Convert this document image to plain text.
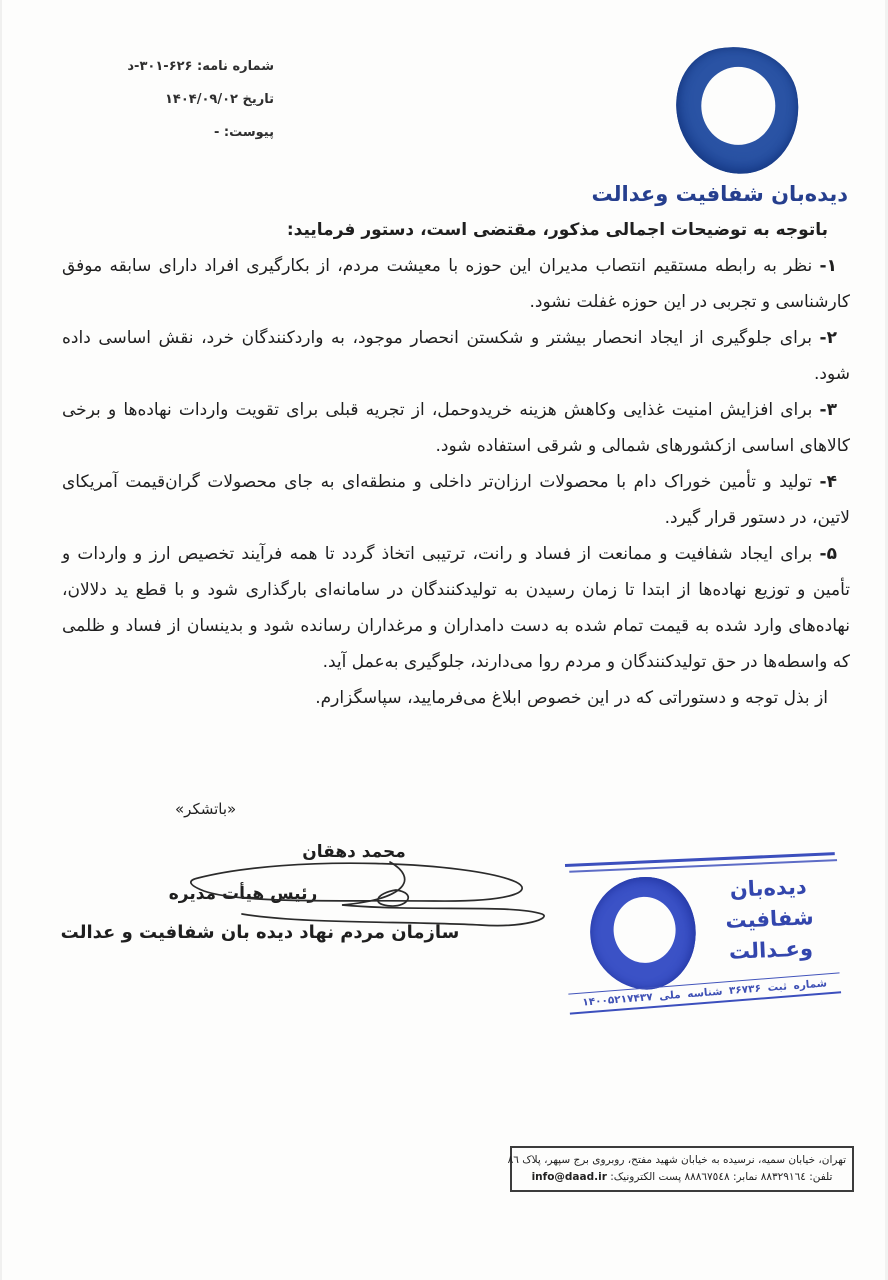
شماره نامه: ۶۲۶-۳۰۱-د
تاریخ ۱۴۰۴/۰۹/۰۲
پیوست: -
دیده‌بان شفافیت وعدالت

باتوجه به توضیحات اجمالی مذکور، مقتضی است، دستور فرمایید:

۱- نظر به رابطه مستقیم انتصاب مدیران این حوزه با معیشت مردم، از بکارگیری افراد دارای سابقه موفق کارشناسی و تجربی در این حوزه غفلت نشود.

۲- برای جلوگیری از ایجاد انحصار بیشتر و شکستن انحصار موجود، به واردکنندگان خرد، نقش اساسی داده شود.

۳- برای افزایش امنیت غذایی وکاهش هزینه خریدوحمل، از تجریه قبلی برای تقویت واردات نهاده‌ها و برخی کالاهای اساسی ازکشورهای شمالی و شرقی استفاده شود.

۴- تولید و تأمین خوراک دام با محصولات ارزان‌تر داخلی و منطقه‌ای به جای محصولات گران‌قیمت آمریکای لاتین، در دستور قرار گیرد.

۵- برای ایجاد شفافیت و ممانعت از فساد و رانت، ترتیبی اتخاذ گردد تا همه فرآیند تخصیص ارز و واردات و تأمین و توزیع نهاده‌ها از ابتدا تا زمان رسیدن به تولیدکنندگان در سامانه‌ای بارگذاری شود و با قطع ید دلالان، نهاده‌های وارد شده به قیمت تمام شده به دست دامداران و مرغداران رسانده شود و بدینسان از فساد و ظلمی که واسطه‌ها در حق تولیدکنندگان و مردم روا می‌دارند، جلوگیری به‌عمل آید.

از بذل توجه و دستوراتی که در این خصوص ابلاغ می‌فرمایید، سپاسگزارم.

«باتشکر»
محمد دهقان
رئیس هیأت مدیره
سازمان مردم نهاد دیده بان شفافیت و عدالت
دیده‌بان
شفافیت
وعـدالت
شماره ثبت ۳۶۷۳۶ شناسه ملی ۱۴۰۰۵۲۱۷۴۳۷
تهران، خیابان سمیه، نرسیده به خیابان شهید مفتح، روبروی برج سپهر، پلاک ٨٦
تلفن: ٨٨٣٢٩١٦٤ نمابر: ٨٨٨٦٧٥٤٨ پست الکترونیک: info@daad.ir
